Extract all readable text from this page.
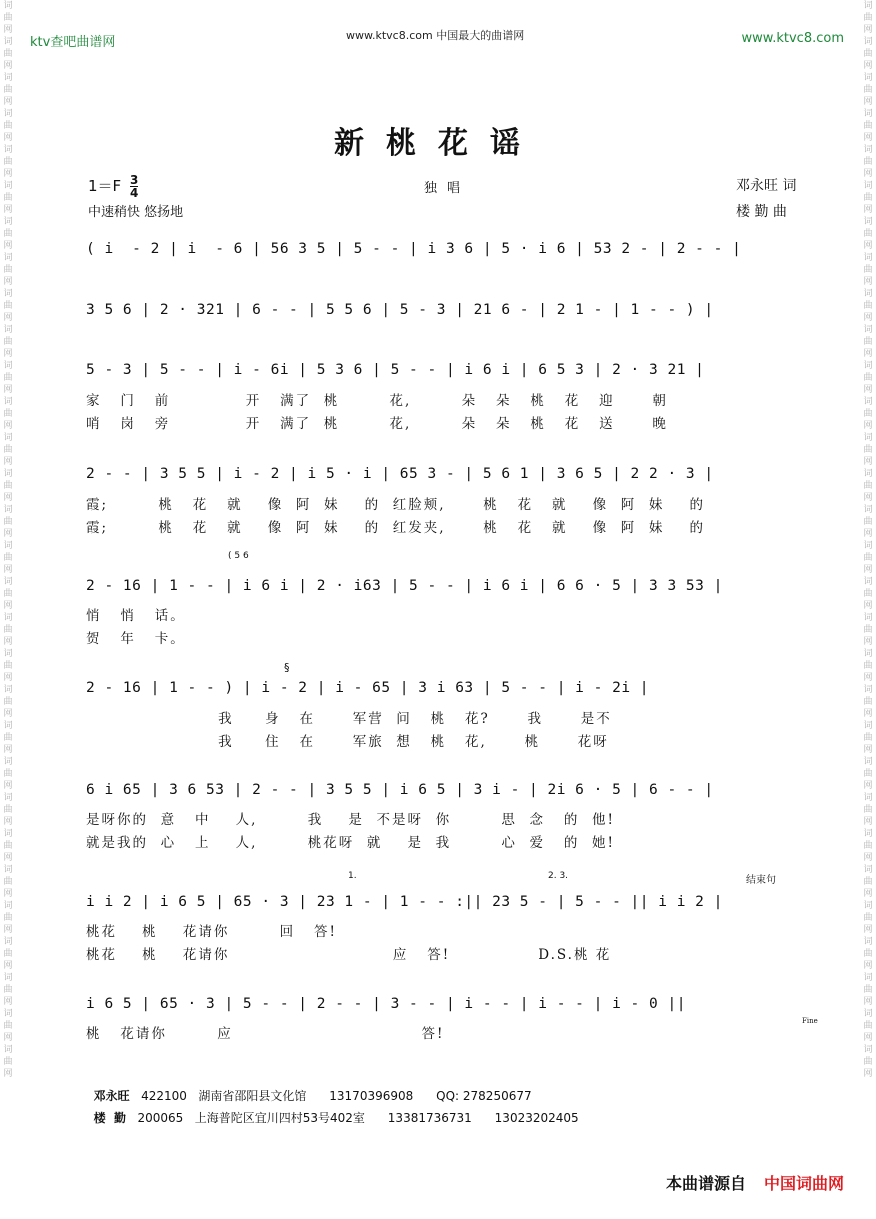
词曲网词曲网词曲网词曲网词曲网词曲网词曲网词曲网词曲网词曲网词曲网词曲网词曲网词曲网词曲网词曲网词曲网词曲网词曲网词曲网词曲网词曲网词曲网词曲网词曲网词曲网词曲网词曲网词曲网词曲网
词曲网词曲网词曲网词曲网词曲网词曲网词曲网词曲网词曲网词曲网词曲网词曲网词曲网词曲网词曲网词曲网词曲网词曲网词曲网词曲网词曲网词曲网词曲网词曲网词曲网词曲网词曲网词曲网词曲网词曲网
ktv查吧曲谱网	www.ktvc8.com 中国最大的曲谱网	www.ktvc8.com
新桃花谣
$1=F \frac{3}{4}$
中速稍快 悠扬地
独唱	邓永旺 词
楼 勤 曲
( i  - 2 | i  - 6 | 56 3 5 | 5 - - | i 3 6 | 5 · i 6 | 53 2 - | 2 - - |
3 5 6 | 2 · 321 | 6 - - | 5 5 6 | 5 - 3 | 21 6 - | 2 1 - | 1 - - ) |
5 - 3 | 5 - - | i - 6i | 5 3 6 | 5 - - | i 6 i | 6 5 3 | 2 · 3 21 |
家   门   前            开   满了  桃        花,        朵   朵   桃   花   迎      朝
哨   岗   旁            开   满了  桃        花,        朵   朵   桃   花   送      晚
2 - - | 3 5 5 | i - 2 | i 5 · i | 65 3 - | 5 6 1 | 3 6 5 | 2 2 · 3 |
霞;        桃   花   就    像  阿  妹    的  红脸颊,      桃   花   就    像  阿  妹    的
霞;        桃   花   就    像  阿  妹    的  红发夹,      桃   花   就    像  阿  妹    的
( 5 6
2 - 16 | 1 - - | i 6 i | 2 · i63 | 5 - - | i 6 i | 6 6 · 5 | 3 3 53 |
悄   悄   话。
贺   年   卡。
§
2 - 16 | 1 - - ) | i - 2 | i - 65 | 3 i 63 | 5 - - | i - 2i |
我     身   在      军营  问   桃   花?      我      是不
我     住   在      军旅  想   桃   花,      桃      花呀
6 i 65 | 3 6 53 | 2 - - | 3 5 5 | i 6 5 | 3 i - | 2i 6 · 5 | 6 - - |
是呀你的  意   中    人,        我    是  不是呀  你        思  念   的  他!
就是我的  心   上    人,        桃花呀  就    是  我        心  爱   的  她!
1.	2. 3.	结束句
i i 2 | i 6 5 | 65 · 3 | 23 1 - | 1 - - :|| 23 5 - | 5 - - || i i 2 |
桃花    桃    花请你        回   答!
桃花    桃    花请你                          应   答!              D.S.桃 花
i 6 5 | 65 · 3 | 5 - - | 2 - - | 3 - - | i - - | i - - | i - 0 ||
Fine
桃   花请你        应                              答!

邓永旺 422100 湖南省邵阳县文化馆 13170396908 QQ: 278250677

楼  勤 200065 上海普陀区宜川四村53号402室 13381736731 13023202405

本曲谱源自 中国词曲网
